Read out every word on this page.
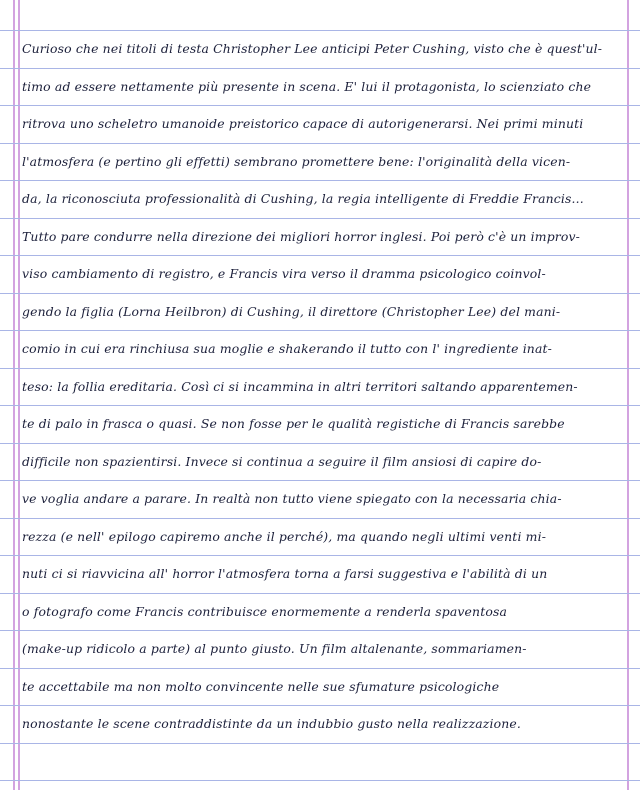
Curioso che nei titoli di testa Christopher Lee anticipi Peter Cushing, visto che è quest'ul-
timo ad essere nettamente più presente in scena. E' lui il protagonista, lo scienziato che
ritrova uno scheletro umanoide preistorico capace di autorigenerarsi. Nei primi minuti
l'atmosfera (e pertino gli effetti) sembrano promettere bene: l'originalità della vicen-
da, la riconosciuta professionalità di Cushing, la regia intelligente di Freddie Francis...
Tutto pare condurre nella direzione dei migliori horror inglesi. Poi però c'è un improv-
viso cambiamento di registro, e Francis vira verso il dramma psicologico coinvol-
gendo la figlia (Lorna Heilbron) di Cushing, il direttore (Christopher Lee) del mani-
comio in cui era rinchiusa sua moglie e shakerando il tutto con l' ingrediente inat-
teso: la follia ereditaria. Così ci si incammina in altri territori saltando apparentemen-
te di palo in frasca o quasi. Se non fosse per le qualità registiche di Francis sarebbe
difficile non spazientirsi. Invece si continua a seguire il film ansiosi di capire do-
ve voglia andare a parare. In realtà non tutto viene spiegato con la necessaria chia-
rezza (e nell' epilogo capiremo anche il perché), ma quando negli ultimi venti mi-
nuti ci si riavvicina all' horror l'atmosfera torna a farsi suggestiva e l'abilità di un
o fotografo come Francis contribuisce enormemente a renderla spaventosa
(make-up ridicolo a parte) al punto giusto. Un film altalenante, sommariamen-
te accettabile ma non molto convincente nelle sue sfumature psicologiche
nonostante le scene contraddistinte da un indubbio gusto nella realizzazione.
